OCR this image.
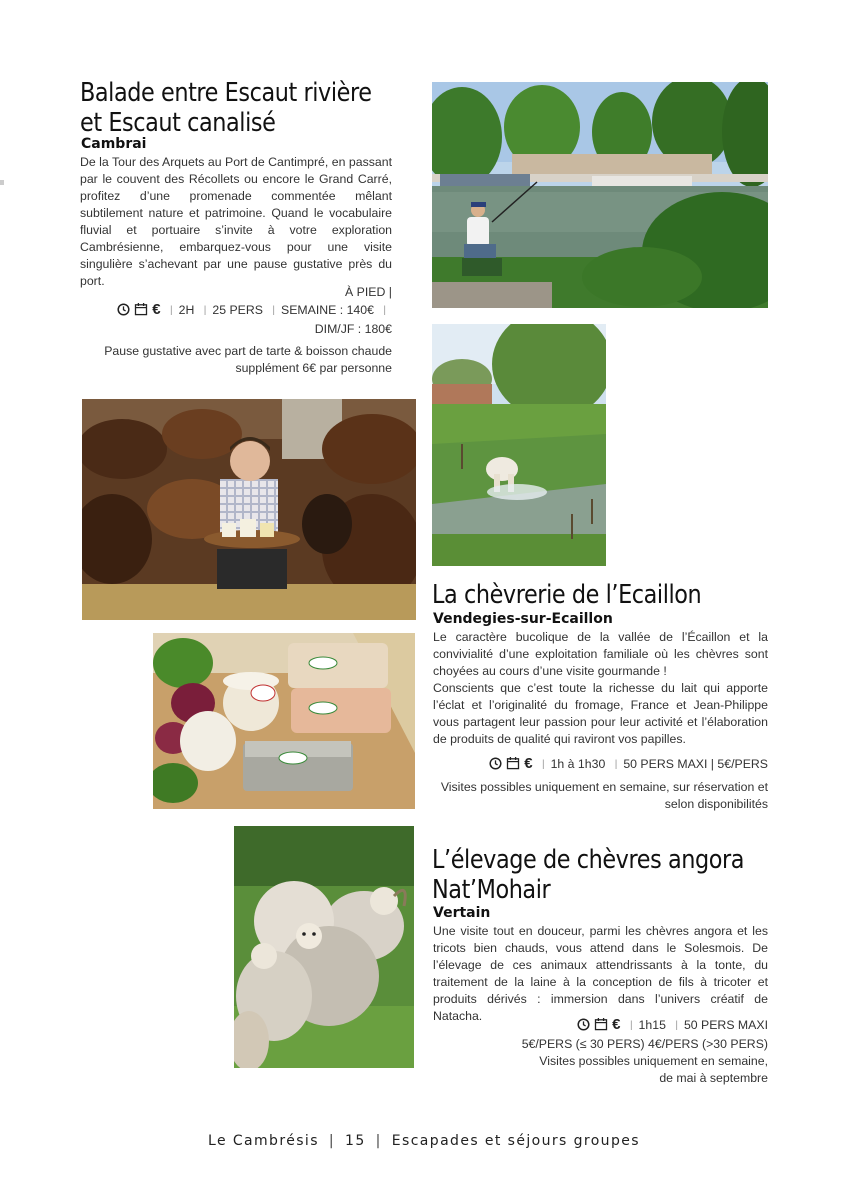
Balade entre Escaut rivière
et Escaut canalisé
Cambrai
De la Tour des Arquets au Port de Cantimpré, en passant par le couvent des Récollets ou encore le Grand Carré, profitez d’une promenade commentée mêlant subtilement nature et patrimoine. Quand le vocabulaire fluvial et portuaire s’invite à votre exploration Cambrésienne, embarquez-vous pour une visite singulière s’achevant par une pause gustative près du port.
À PIED |
€ | 2H | 25 PERS | SEMAINE : 140€ |
DIM/JF : 180€
Pause gustative avec part de tarte & boisson chaude
supplément 6€ par personne
La chèvrerie de l’Ecaillon
Vendegies-sur-Ecaillon
Le caractère bucolique de la vallée de l’Écaillon et la convivialité d’une exploitation familiale où les chèvres sont choyées au cours d’une visite gourmande !
Conscients que c’est toute la richesse du lait qui apporte l’éclat et l’originalité du fromage, France et Jean-Philippe vous partagent leur passion pour leur activité et l’élaboration de produits de qualité qui raviront vos papilles.
€ | 1h à 1h30 | 50 PERS MAXI | 5€/PERS
Visites possibles uniquement en semaine, sur réservation et
selon disponibilités
L’élevage de chèvres angora
Nat’Mohair
Vertain
Une visite tout en douceur, parmi les chèvres angora et les tricots bien chauds, vous attend dans le Solesmois. De l’élevage de ces animaux attendrissants à la tonte, du traitement de la laine à la conception de fils à tricoter et produits dérivés : immersion dans l’univers créatif de Natacha.	€ | 1h15 | 50 PERS MAXI
5€/PERS (≤ 30 PERS) 4€/PERS (˃30 PERS)
Visites possibles uniquement en semaine,
de mai à septembre
Le Cambrésis | 15 | Escapades et séjours groupes
